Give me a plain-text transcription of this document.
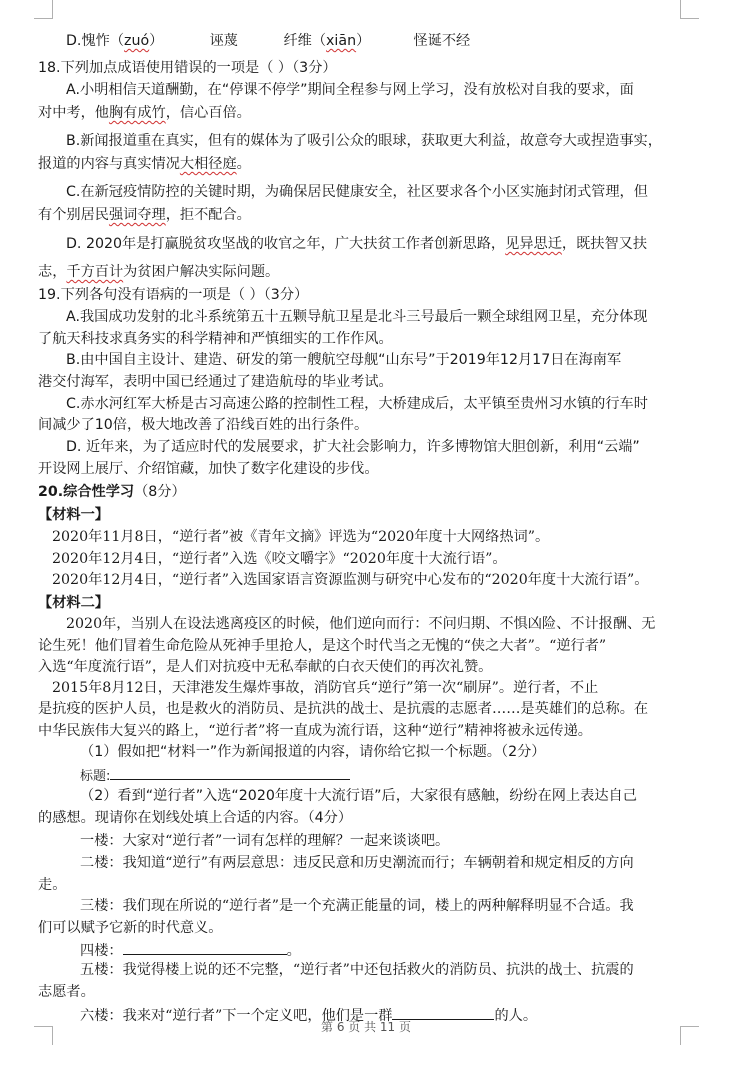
D.愧怍（zuó）	诬蔑	纤维（xiān）	怪诞不经
18.下列加点成语使用错误的一项是（ ）（3分）
A.小明相信天道酬勤，在“停课不停学”期间全程参与网上学习，没有放松对自我的要求，面
对中考，他胸有成竹，信心百倍。
B.新闻报道重在真实，但有的媒体为了吸引公众的眼球，获取更大利益，故意夸大或捏造事实，
报道的内容与真实情况大相径庭。
C.在新冠疫情防控的关键时期，为确保居民健康安全，社区要求各个小区实施封闭式管理，但
有个别居民强词夺理，拒不配合。
D. 2020年是打赢脱贫攻坚战的收官之年，广大扶贫工作者创新思路，见异思迁，既扶智又扶
志，千方百计为贫困户解决实际问题。
19.下列各句没有语病的一项是（ ）（3分）
A.我国成功发射的北斗系统第五十五颗导航卫星是北斗三号最后一颗全球组网卫星，充分体现
了航天科技求真务实的科学精神和严慎细实的工作作风。
B.由中国自主设计、建造、研发的第一艘航空母舰“山东号”于2019年12月17日在海南军
港交付海军，表明中国已经通过了建造航母的毕业考试。
C.赤水河红军大桥是古习高速公路的控制性工程，大桥建成后，太平镇至贵州习水镇的行车时
间减少了10倍，极大地改善了沿线百姓的出行条件。
D. 近年来，为了适应时代的发展要求，扩大社会影响力，许多博物馆大胆创新，利用“云端”
开设网上展厅、介绍馆藏，加快了数字化建设的步伐。
20.综合性学习（8分）
【材料一】
2020年11月8日，“逆行者”被《青年文摘》评选为“2020年度十大网络热词”。
2020年12月4日，“逆行者”入选《咬文嚼字》“2020年度十大流行语”。
2020年12月4日，“逆行者”入选国家语言资源监测与研究中心发布的“2020年度十大流行语”。
【材料二】
2020年，当别人在设法逃离疫区的时候，他们逆向而行：不问归期、不惧凶险、不计报酬、无
论生死！他们冒着生命危险从死神手里抢人，是这个时代当之无愧的“侠之大者”。“逆行者”
入选“年度流行语”，是人们对抗疫中无私奉献的白衣天使们的再次礼赞。
2015年8月12日，天津港发生爆炸事故，消防官兵“逆行”第一次“刷屏”。逆行者，不止
是抗疫的医护人员，也是救火的消防员、是抗洪的战士、是抗震的志愿者……是英雄们的总称。在
中华民族伟大复兴的路上，“逆行者”将一直成为流行语，这种“逆行”精神将被永远传递。
（1）假如把“材料一”作为新闻报道的内容，请你给它拟一个标题。（2分）
标题:
（2）看到“逆行者”入选“2020年度十大流行语”后，大家很有感触，纷纷在网上表达自己
的感想。现请你在划线处填上合适的内容。（4分）
一楼：大家对“逆行者”一词有怎样的理解？一起来谈谈吧。
二楼：我知道“逆行”有两层意思：违反民意和历史潮流而行；车辆朝着和规定相反的方向
走。
三楼：我们现在所说的“逆行者”是一个充满正能量的词，楼上的两种解释明显不合适。我
们可以赋予它新的时代意义。
四楼：	。
五楼：我觉得楼上说的还不完整，“逆行者”中还包括救火的消防员、抗洪的战士、抗震的
志愿者。
六楼：我来对“逆行者”下一个定义吧，他们是一群	的人。
第 6 页 共 11 页
